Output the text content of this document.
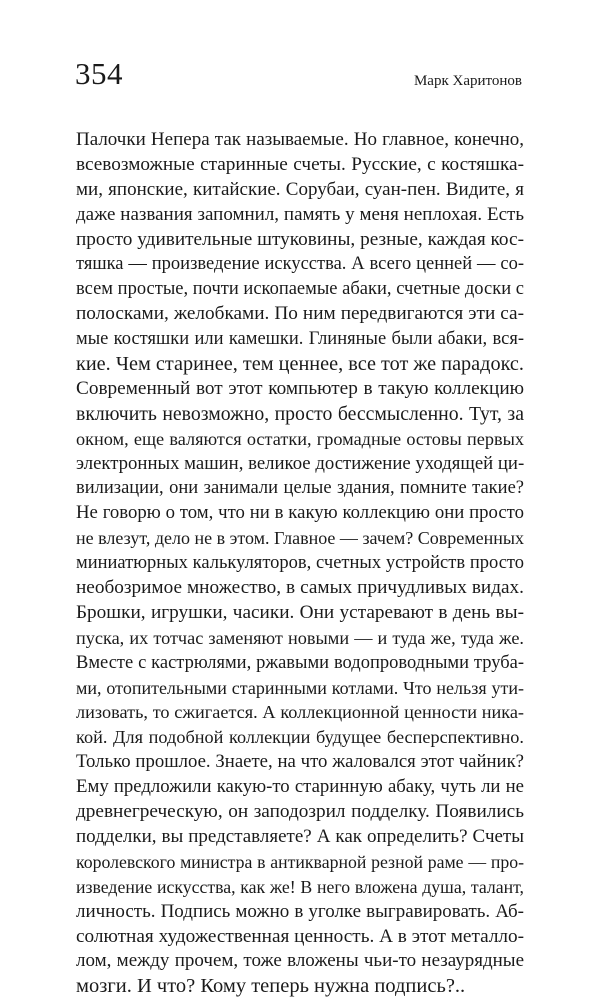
354	Марк Харитонов
Палочки Непера так называемые. Но главное, конечно,
всевозможные старинные счеты. Русские, с костяшка-
ми, японские, китайские. Сорубаи, суан-пен. Видите, я
даже названия запомнил, память у меня неплохая. Есть
просто удивительные штуковины, резные, каждая кос-
тяшка — произведение искусства. А всего ценней — со-
всем простые, почти ископаемые абаки, счетные доски с
полосками, желобками. По ним передвигаются эти са-
мые костяшки или камешки. Глиняные были абаки, вся-
кие. Чем старинее, тем ценнее, все тот же парадокс.
Современный вот этот компьютер в такую коллекцию
включить невозможно, просто бессмысленно. Тут, за
окном, еще валяются остатки, громадные остовы первых
электронных машин, великое достижение уходящей ци-
вилизации, они занимали целые здания, помните такие?
Не говорю о том, что ни в какую коллекцию они просто
не влезут, дело не в этом. Главное — зачем? Современных
миниатюрных калькуляторов, счетных устройств просто
необозримое множество, в самых причудливых видах.
Брошки, игрушки, часики. Они устаревают в день вы-
пуска, их тотчас заменяют новыми — и туда же, туда же.
Вместе с кастрюлями, ржавыми водопроводными труба-
ми, отопительными старинными котлами. Что нельзя ути-
лизовать, то сжигается. А коллекционной ценности ника-
кой. Для подобной коллекции будущее бесперспективно.
Только прошлое. Знаете, на что жаловался этот чайник?
Ему предложили какую-то старинную абаку, чуть ли не
древнегреческую, он заподозрил подделку. Появились
подделки, вы представляете? А как определить? Счеты
королевского министра в антикварной резной раме — про-
изведение искусства, как же! В него вложена душа, талант,
личность. Подпись можно в уголке выгравировать. Аб-
солютная художественная ценность. А в этот металло-
лом, между прочем, тоже вложены чьи-то незаурядные
мозги. И что? Кому теперь нужна подпись?..
